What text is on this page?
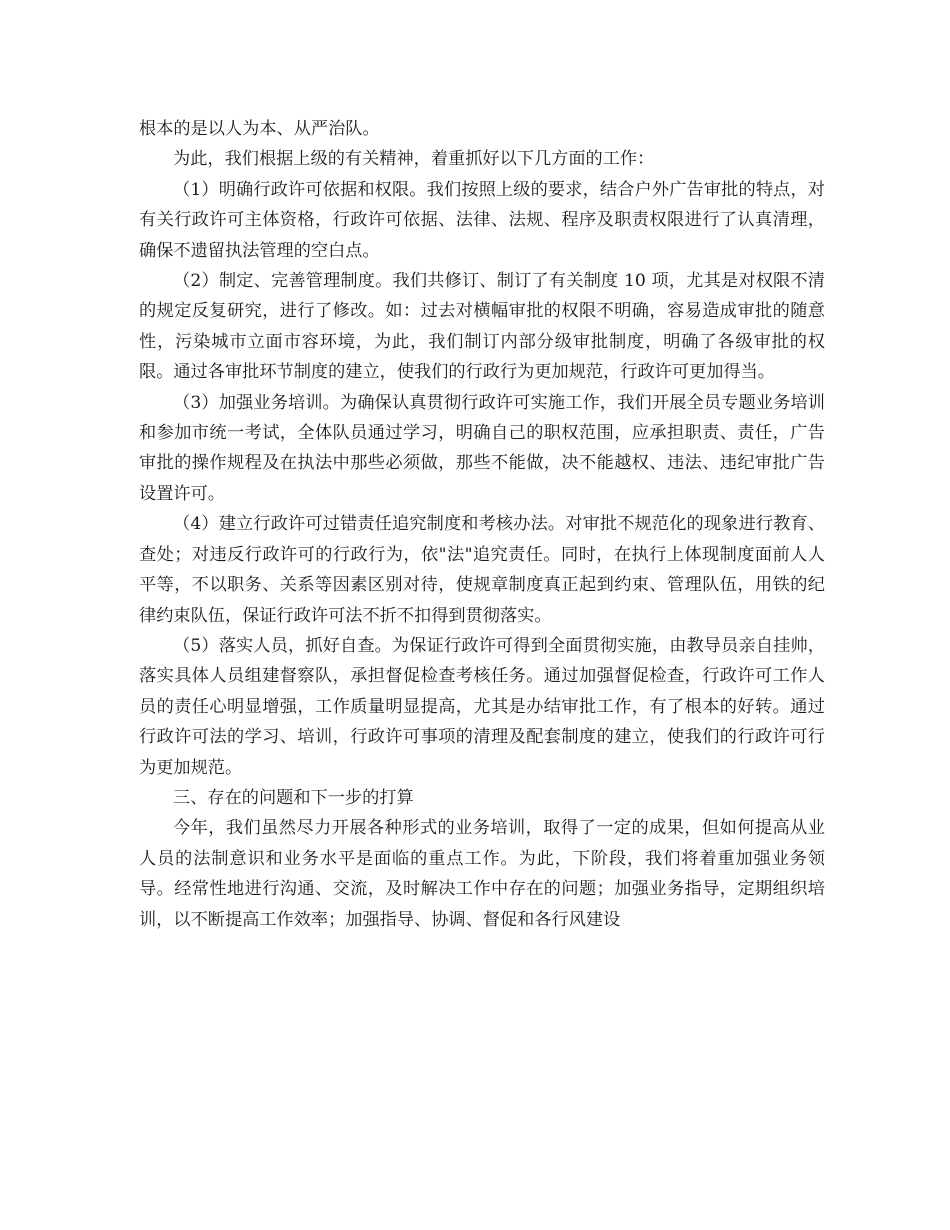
根本的是以人为本、从严治队。

为此，我们根据上级的有关精神，着重抓好以下几方面的工作：

（1）明确行政许可依据和权限。我们按照上级的要求，结合户外广告审批的特点，对有关行政许可主体资格，行政许可依据、法律、法规、程序及职责权限进行了认真清理，确保不遗留执法管理的空白点。

（2）制定、完善管理制度。我们共修订、制订了有关制度 10 项，尤其是对权限不清的规定反复研究，进行了修改。如：过去对横幅审批的权限不明确，容易造成审批的随意性，污染城市立面市容环境，为此，我们制订内部分级审批制度，明确了各级审批的权限。通过各审批环节制度的建立，使我们的行政行为更加规范，行政许可更加得当。

（3）加强业务培训。为确保认真贯彻行政许可实施工作，我们开展全员专题业务培训和参加市统一考试，全体队员通过学习，明确自己的职权范围，应承担职责、责任，广告审批的操作规程及在执法中那些必须做，那些不能做，决不能越权、违法、违纪审批广告设置许可。

（4）建立行政许可过错责任追究制度和考核办法。对审批不规范化的现象进行教育、查处；对违反行政许可的行政行为，依"法"追究责任。同时，在执行上体现制度面前人人平等，不以职务、关系等因素区别对待，使规章制度真正起到约束、管理队伍，用铁的纪律约束队伍，保证行政许可法不折不扣得到贯彻落实。

（5）落实人员，抓好自查。为保证行政许可得到全面贯彻实施，由教导员亲自挂帅，落实具体人员组建督察队，承担督促检查考核任务。通过加强督促检查，行政许可工作人员的责任心明显增强，工作质量明显提高，尤其是办结审批工作，有了根本的好转。通过行政许可法的学习、培训，行政许可事项的清理及配套制度的建立，使我们的行政许可行为更加规范。

三、存在的问题和下一步的打算

今年，我们虽然尽力开展各种形式的业务培训，取得了一定的成果，但如何提高从业人员的法制意识和业务水平是面临的重点工作。为此，下阶段，我们将着重加强业务领导。经常性地进行沟通、交流，及时解决工作中存在的问题；加强业务指导，定期组织培训，以不断提高工作效率；加强指导、协调、督促和各行风建设
